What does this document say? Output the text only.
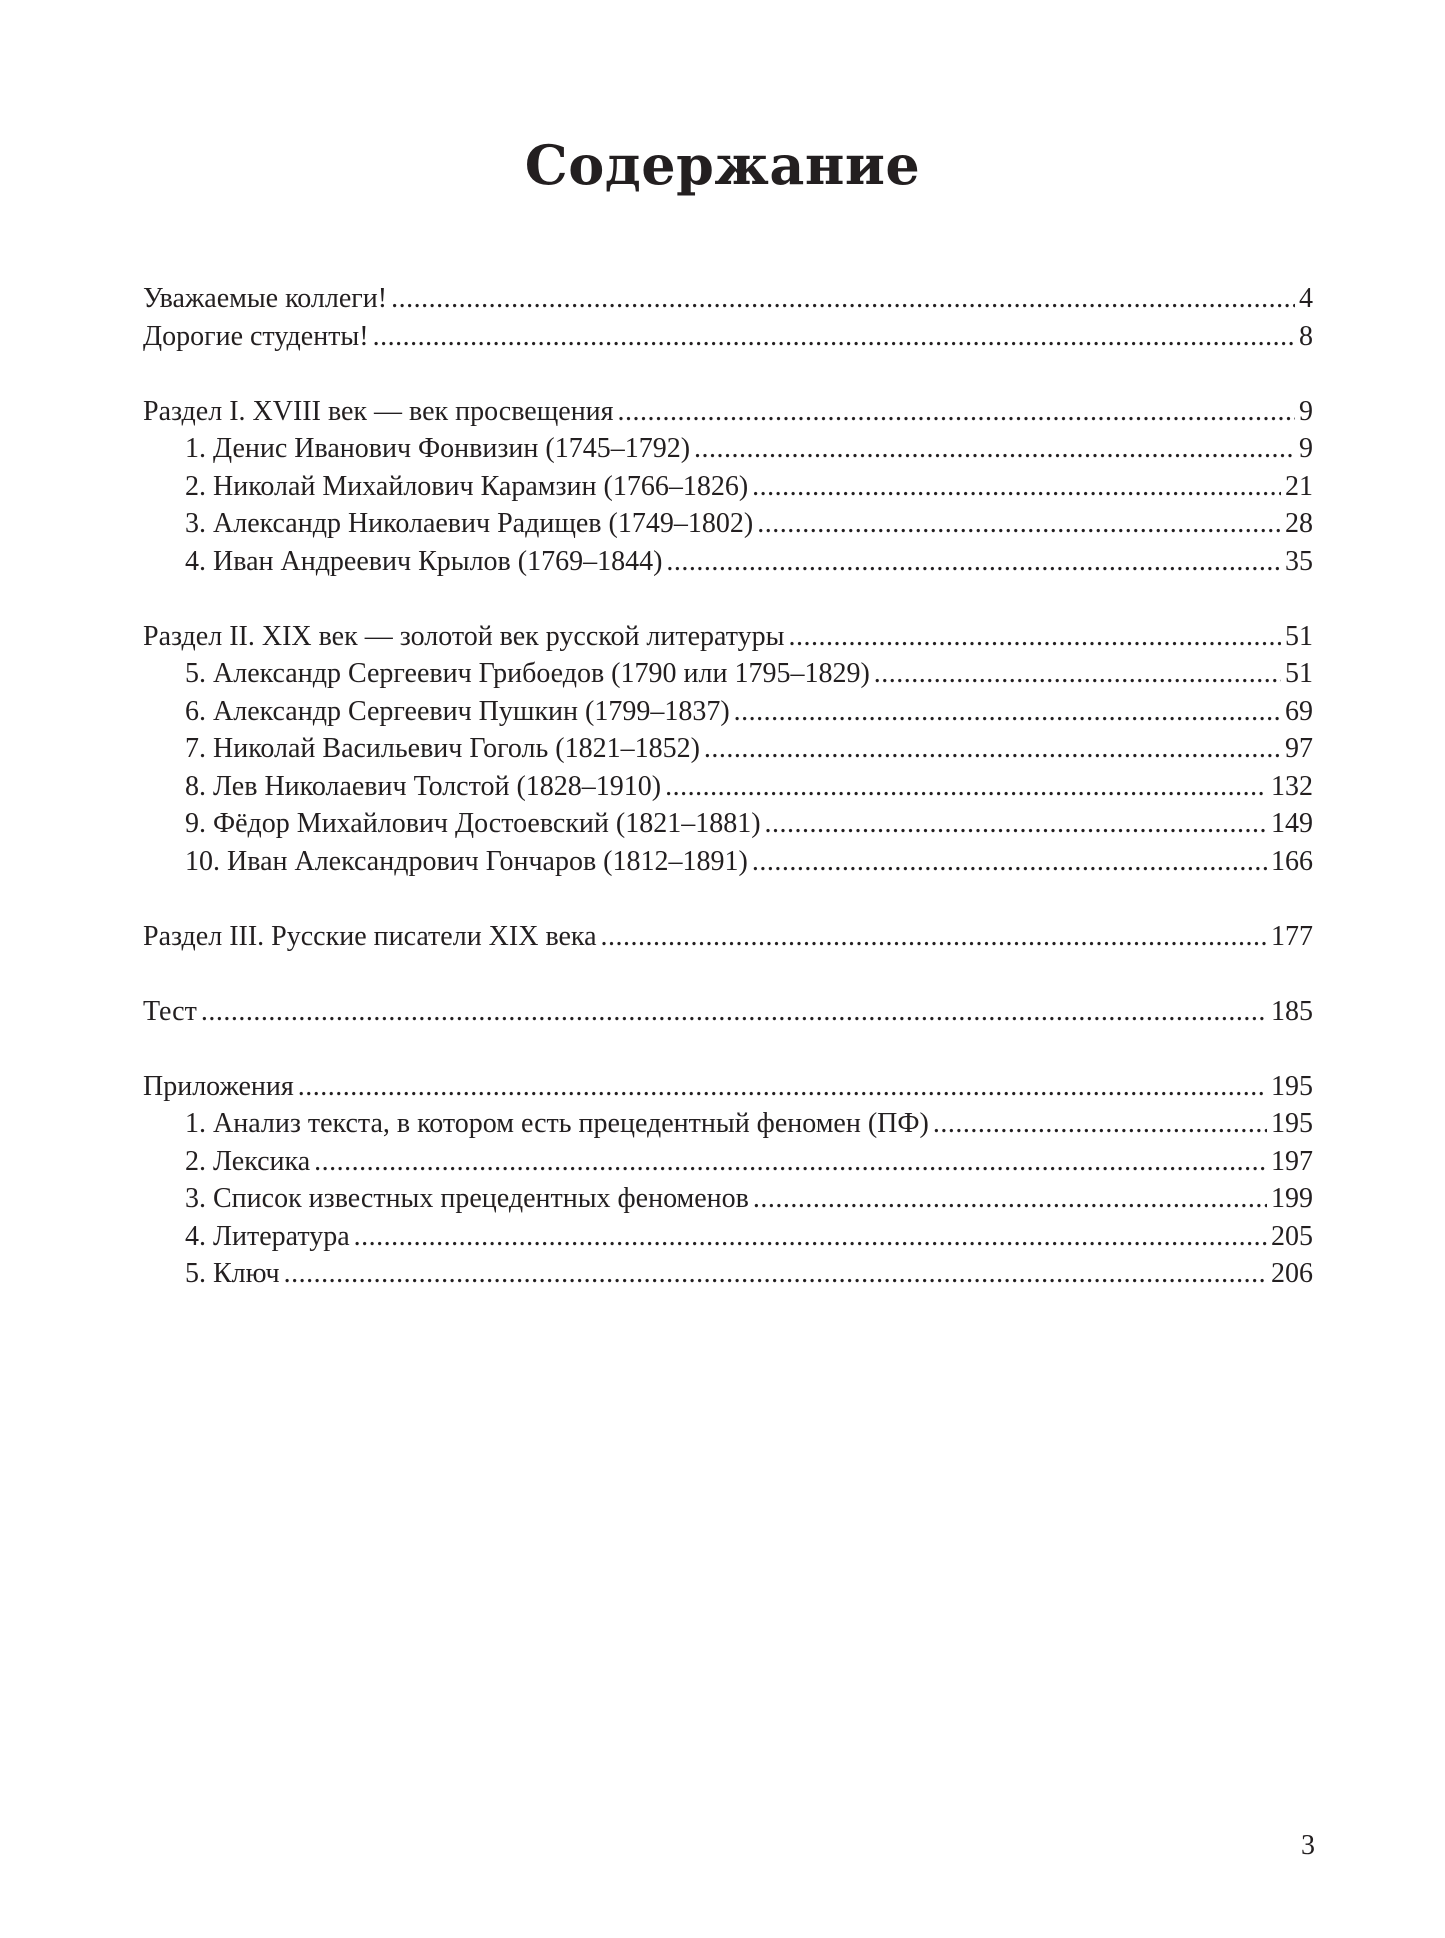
Содержание
Уважаемые коллеги! .....	4
Дорогие студенты! .....	8
Раздел I. XVIII век — век просвещения .....	9
1. Денис Иванович Фонвизин (1745–1792) .....	9
2. Николай Михайлович Карамзин (1766–1826) .....	21
3. Александр Николаевич Радищев (1749–1802) .....	28
4. Иван Андреевич Крылов (1769–1844) .....	35
Раздел II. XIX век — золотой век русской литературы .....	51
5. Александр Сергеевич Грибоедов (1790 или 1795–1829) .....	51
6. Александр Сергеевич Пушкин (1799–1837) .....	69
7. Николай Васильевич Гоголь (1821–1852) .....	97
8. Лев Николаевич Толстой (1828–1910) .....	132
9. Фёдор Михайлович Достоевский (1821–1881) .....	149
10. Иван Александрович Гончаров (1812–1891) .....	166
Раздел III. Русские писатели XIX века .....	177
Тест .....	185
Приложения .....	195
1. Анализ текста, в котором есть прецедентный феномен (ПФ) .....	195
2. Лексика .....	197
3. Список известных прецедентных феноменов .....	199
4. Литература .....	205
5. Ключ .....	206
3
